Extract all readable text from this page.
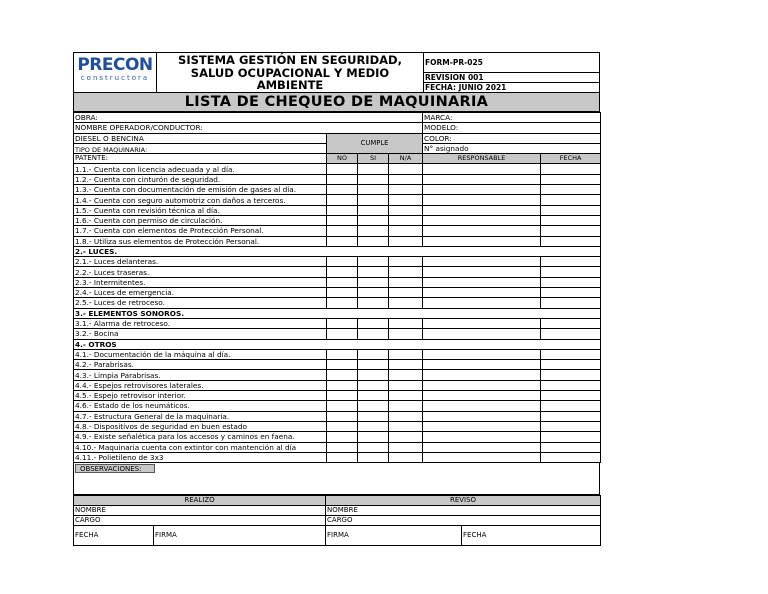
PRECON
constructora
SISTEMA GESTIÓN EN SEGURIDAD, SALUD OCUPACIONAL Y MEDIO AMBIENTE
FORM-PR-025
REVISION 001
FECHA: JUNIO 2021
LISTA DE CHEQUEO DE MAQUINARIA
OBRA:				MARCA:	
NOMBRE OPERADOR/CONDUCTOR:				MODELO:	
DIESEL O BENCINA	CUMPLE			COLOR:	
TIPO DE MAQUINARIA:				N° asignado	
PATENTE:	NO	SI	N/A	RESPONSABLE	FECHA
1.1.- Cuenta con licencia adecuada y al día.					
1.2.- Cuenta con cinturón de seguridad.					
1.3.- Cuenta con documentación de emisión de gases al día.					
1.4.- Cuenta con seguro automotriz con daños a terceros.					
1.5.- Cuenta con revisión técnica al día.					
1.6.- Cuenta con permiso de circulación.					
1.7.- Cuenta con elementos de Protección Personal.					
1.8.- Utiliza sus elementos de Protección Personal.					
2.- LUCES.					
2.1.- Luces delanteras.					
2.2.- Luces traseras.					
2.3.- Intermitentes.					
2.4.- Luces de emergencia.					
2.5.- Luces de retroceso.					
3.- ELEMENTOS SONOROS.					
3.1.- Alarma de retroceso.					
3.2.- Bocina					
4.- OTROS					
4.1.- Documentación de la máquina al día.					
4.2.- Parabrisas.					
4.3.- Limpia Parabrisas.					
4.4.- Espejos retrovisores laterales.					
4.5.- Espejo retrovisor interior.					
4.6.- Estado de los neumáticos.					
4.7.- Estructura General de la maquinaria.					
4.8.- Dispositivos de seguridad en buen estado					
4.9.- Existe señalética para los accesos y caminos en faena.					
4.10.- Maquinaria cuenta con extintor con mantención al día					
4.11.- Polietileno de 3x3					
OBSERVACIONES:
REALIZÓ		REVISÓ	
NOMBRE		NOMBRE	
CARGO		CARGO	
FECHA	FIRMA	FIRMA	FECHA
